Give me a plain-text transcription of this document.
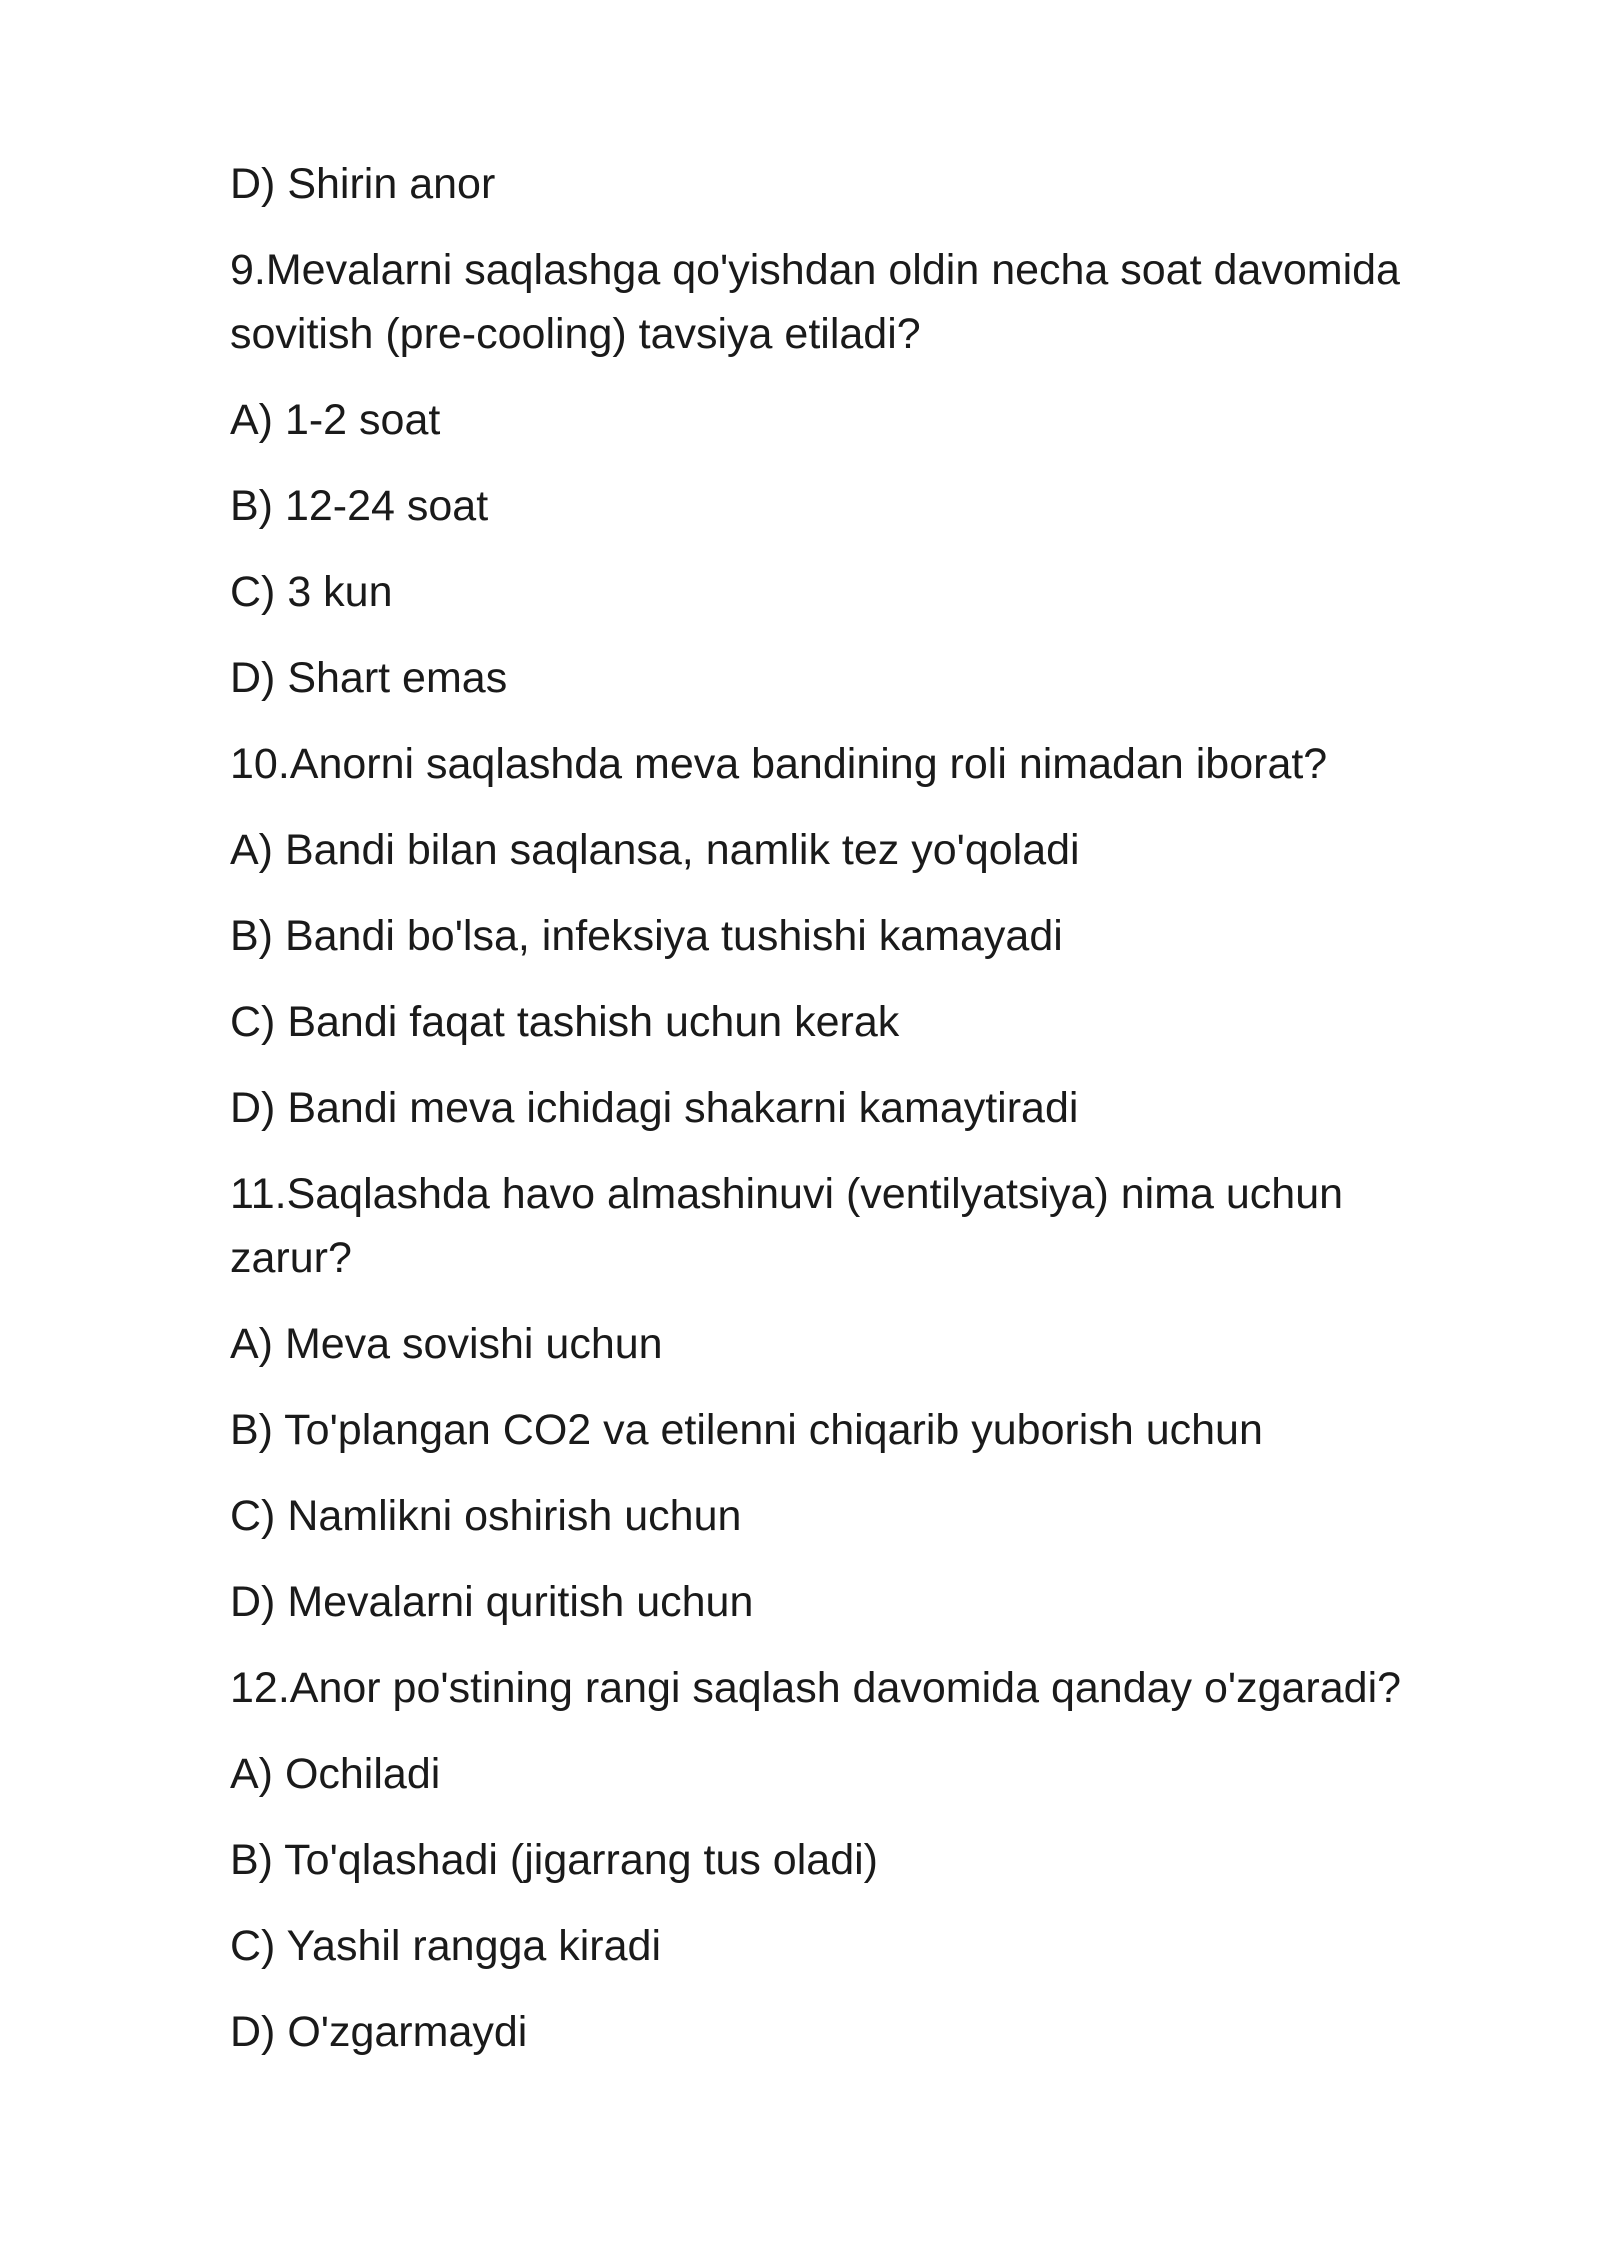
D) Shirin anor
9.Mevalarni saqlashga qo'yishdan oldin necha soat davomida sovitish (pre-cooling) tavsiya etiladi?
A) 1-2 soat
B) 12-24 soat
C) 3 kun
D) Shart emas
10.Anorni saqlashda meva bandining roli nimadan iborat?
A) Bandi bilan saqlansa, namlik tez yo'qoladi
B) Bandi bo'lsa, infeksiya tushishi kamayadi
C) Bandi faqat tashish uchun kerak
D) Bandi meva ichidagi shakarni kamaytiradi
11.Saqlashda havo almashinuvi (ventilyatsiya) nima uchun zarur?
A) Meva sovishi uchun
B) To'plangan CO2 va etilenni chiqarib yuborish uchun
C) Namlikni oshirish uchun
D) Mevalarni quritish uchun
12.Anor po'stining rangi saqlash davomida qanday o'zgaradi?
A) Ochiladi
B) To'qlashadi (jigarrang tus oladi)
C) Yashil rangga kiradi
D) O'zgarmaydi
